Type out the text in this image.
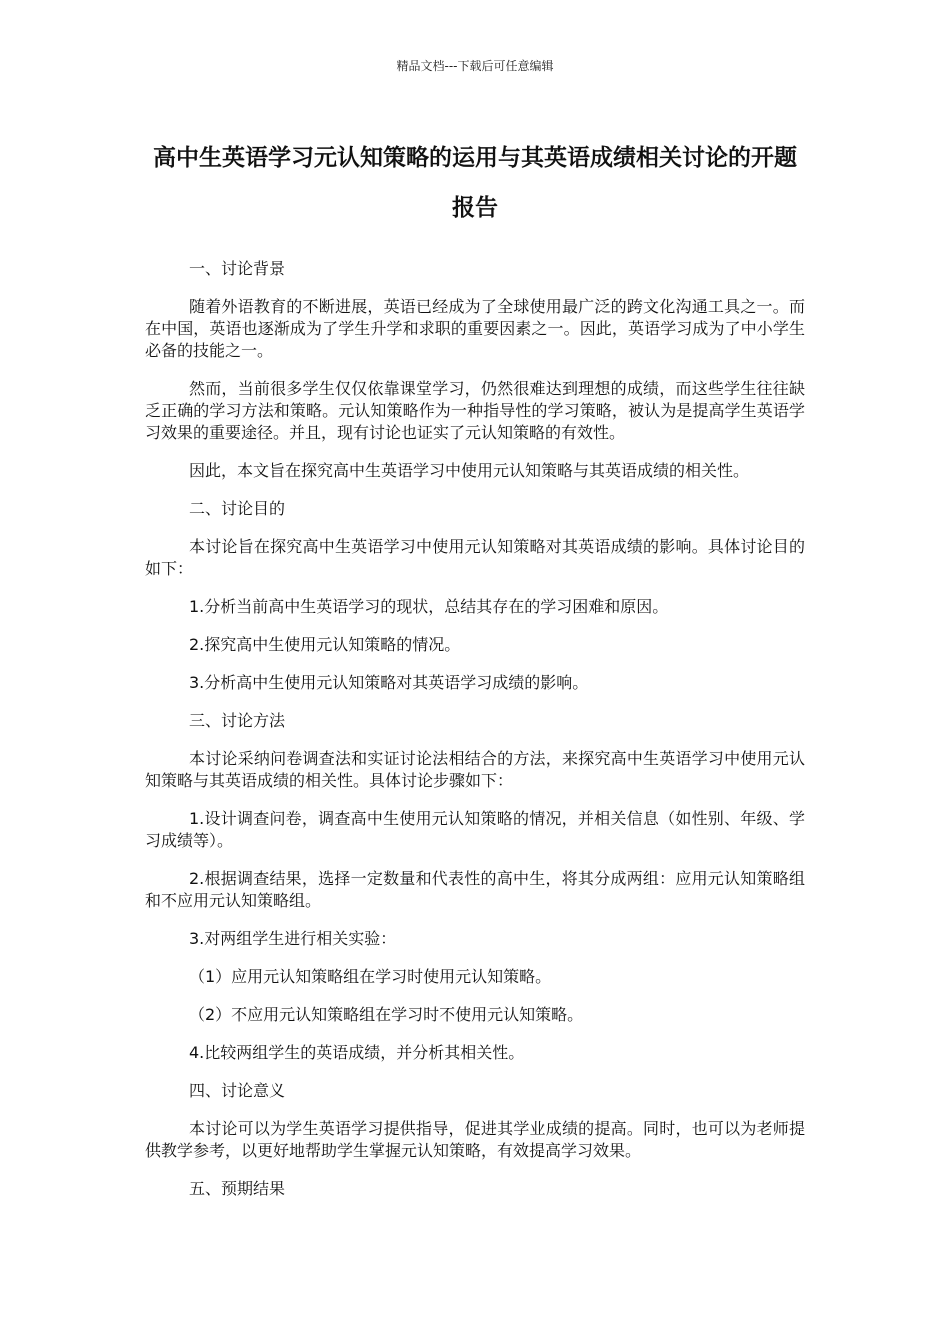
精品文档---下载后可任意编辑
高中生英语学习元认知策略的运用与其英语成绩相关讨论的开题报告

一、讨论背景

随着外语教育的不断进展，英语已经成为了全球使用最广泛的跨文化沟通工具之一。而在中国，英语也逐渐成为了学生升学和求职的重要因素之一。因此，英语学习成为了中小学生必备的技能之一。

然而，当前很多学生仅仅依靠课堂学习，仍然很难达到理想的成绩，而这些学生往往缺乏正确的学习方法和策略。元认知策略作为一种指导性的学习策略，被认为是提高学生英语学习效果的重要途径。并且，现有讨论也证实了元认知策略的有效性。

因此，本文旨在探究高中生英语学习中使用元认知策略与其英语成绩的相关性。

二、讨论目的

本讨论旨在探究高中生英语学习中使用元认知策略对其英语成绩的影响。具体讨论目的如下：

1.分析当前高中生英语学习的现状，总结其存在的学习困难和原因。

2.探究高中生使用元认知策略的情况。

3.分析高中生使用元认知策略对其英语学习成绩的影响。

三、讨论方法

本讨论采纳问卷调查法和实证讨论法相结合的方法，来探究高中生英语学习中使用元认知策略与其英语成绩的相关性。具体讨论步骤如下：

1.设计调查问卷，调查高中生使用元认知策略的情况，并相关信息（如性别、年级、学习成绩等）。

2.根据调查结果，选择一定数量和代表性的高中生，将其分成两组：应用元认知策略组和不应用元认知策略组。

3.对两组学生进行相关实验：

（1）应用元认知策略组在学习时使用元认知策略。

（2）不应用元认知策略组在学习时不使用元认知策略。

4.比较两组学生的英语成绩，并分析其相关性。

四、讨论意义

本讨论可以为学生英语学习提供指导，促进其学业成绩的提高。同时，也可以为老师提供教学参考，以更好地帮助学生掌握元认知策略，有效提高学习效果。

五、预期结果
